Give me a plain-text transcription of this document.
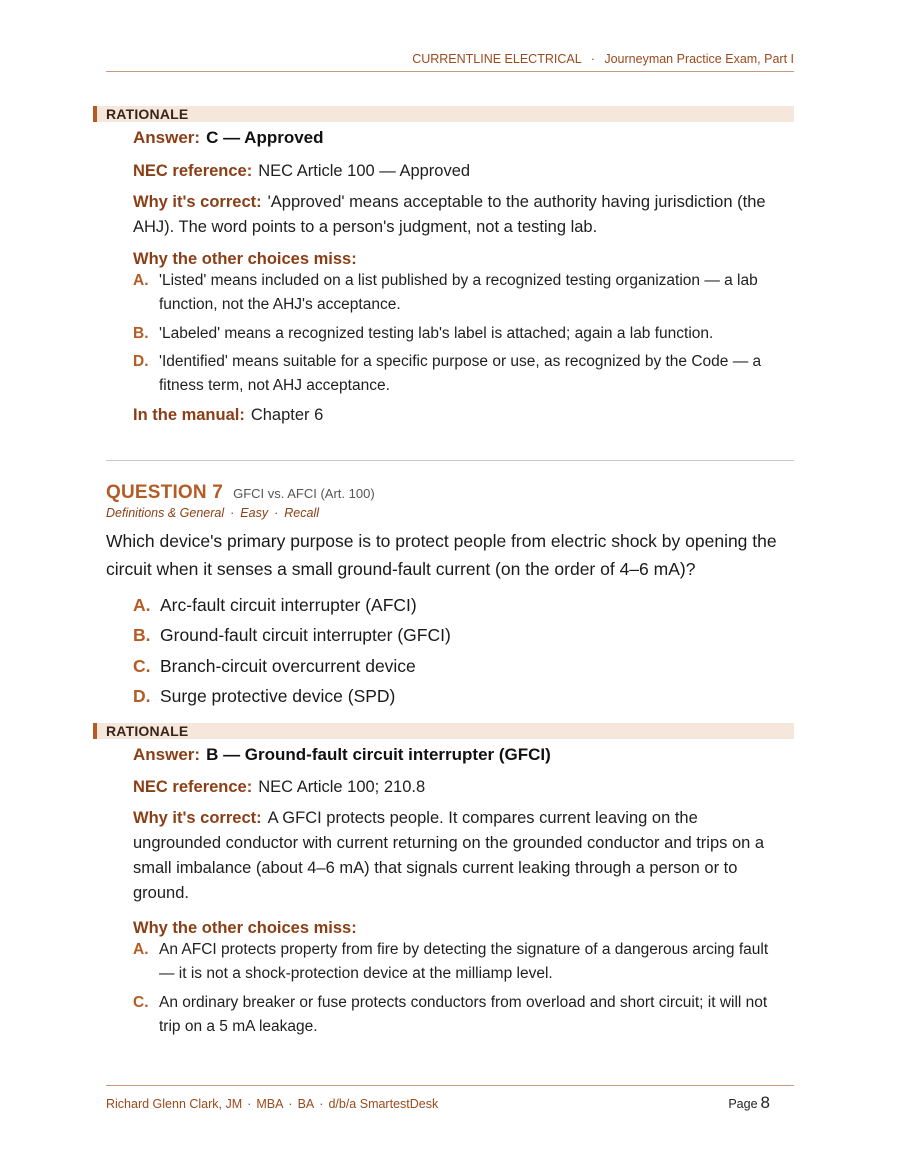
CURRENTLINE ELECTRICAL · Journeyman Practice Exam, Part I
RATIONALE
Answer: C — Approved
NEC reference: NEC Article 100 — Approved
Why it's correct: 'Approved' means acceptable to the authority having jurisdiction (the
AHJ). The word points to a person's judgment, not a testing lab.
Why the other choices miss:
A. 'Listed' means included on a list published by a recognized testing organization — a lab
function, not the AHJ's acceptance.
B. 'Labeled' means a recognized testing lab's label is attached; again a lab function.
D. 'Identified' means suitable for a specific purpose or use, as recognized by the Code — a
fitness term, not AHJ acceptance.
In the manual: Chapter 6
QUESTION 7 GFCI vs. AFCI (Art. 100)
Definitions & General · Easy · Recall
Which device's primary purpose is to protect people from electric shock by opening the
circuit when it senses a small ground-fault current (on the order of 4–6 mA)?
A. Arc-fault circuit interrupter (AFCI)
B. Ground-fault circuit interrupter (GFCI)
C. Branch-circuit overcurrent device
D. Surge protective device (SPD)
RATIONALE
Answer: B — Ground-fault circuit interrupter (GFCI)
NEC reference: NEC Article 100; 210.8
Why it's correct: A GFCI protects people. It compares current leaving on the
ungrounded conductor with current returning on the grounded conductor and trips on a
small imbalance (about 4–6 mA) that signals current leaking through a person or to
ground.
Why the other choices miss:
A. An AFCI protects property from fire by detecting the signature of a dangerous arcing fault
— it is not a shock-protection device at the milliamp level.
C. An ordinary breaker or fuse protects conductors from overload and short circuit; it will not
trip on a 5 mA leakage.
Richard Glenn Clark, JM · MBA · BA · d/b/a SmartestDesk	Page 8
